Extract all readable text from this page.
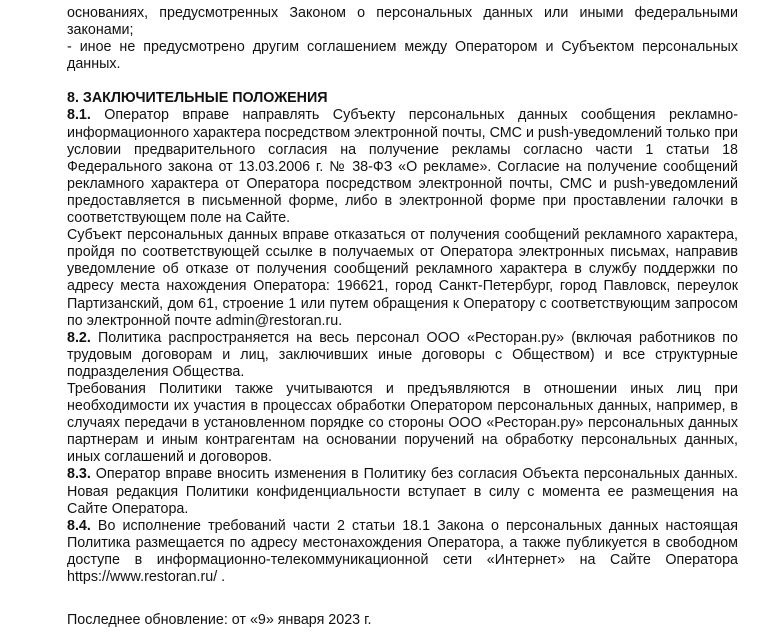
основаниях, предусмотренных Законом о персональных данных или иными федеральными законами;

- иное не предусмотрено другим соглашением между Оператором и Субъектом персональных данных.

8. ЗАКЛЮЧИТЕЛЬНЫЕ ПОЛОЖЕНИЯ

8.1. Оператор вправе направлять Субъекту персональных данных сообщения рекламно-информационного характера посредством электронной почты, СМС и push-уведомлений только при условии предварительного согласия на получение рекламы согласно части 1 статьи 18 Федерального закона от 13.03.2006 г. № 38-ФЗ «О рекламе». Согласие на получение сообщений рекламного характера от Оператора посредством электронной почты, СМС и push-уведомлений предоставляется в письменной форме, либо в электронной форме при проставлении галочки в соответствующем поле на Сайте.

Субъект персональных данных вправе отказаться от получения сообщений рекламного характера, пройдя по соответствующей ссылке в получаемых от Оператора электронных письмах, направив уведомление об отказе от получения сообщений рекламного характера в службу поддержки по адресу места нахождения Оператора: 196621, город Санкт-Петербург, город Павловск, переулок Партизанский, дом 61, строение 1 или путем обращения к Оператору с соответствующим запросом по электронной почте admin@restoran.ru.

8.2. Политика распространяется на весь персонал ООО «Ресторан.ру» (включая работников по трудовым договорам и лиц, заключивших иные договоры с Обществом) и все структурные подразделения Общества.

Требования Политики также учитываются и предъявляются в отношении иных лиц при необходимости их участия в процессах обработки Оператором персональных данных, например, в случаях передачи в установленном порядке со стороны ООО «Ресторан.ру» персональных данных партнерам и иным контрагентам на основании поручений на обработку персональных данных, иных соглашений и договоров.

8.3. Оператор вправе вносить изменения в Политику без согласия Объекта персональных данных. Новая редакция Политики конфиденциальности вступает в силу с момента ее размещения на Сайте Оператора.

8.4. Во исполнение требований части 2 статьи 18.1 Закона о персональных данных настоящая Политика размещается по адресу местонахождения Оператора, а также публикуется в свободном доступе в информационно-телекоммуникационной сети «Интернет» на Сайте Оператора https://www.restoran.ru/ .

Последнее обновление: от «9» января 2023 г.
